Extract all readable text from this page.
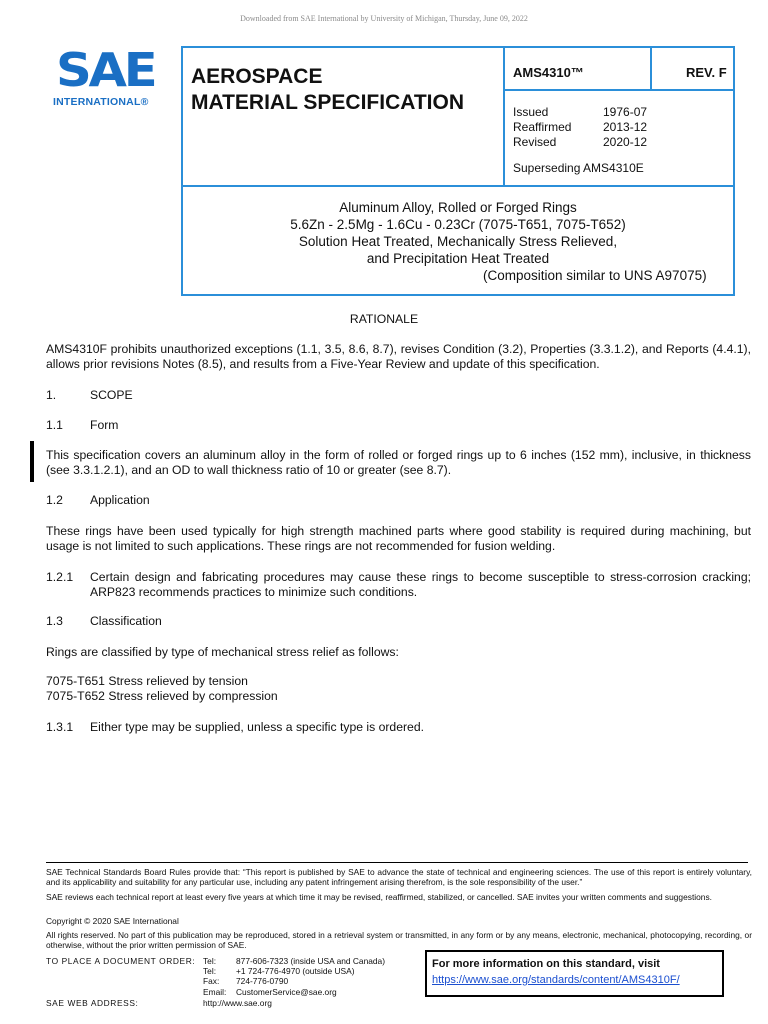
Downloaded from SAE International by University of Michigan, Thursday, June 09, 2022
SAE
INTERNATIONAL®
AEROSPACE
MATERIAL SPECIFICATION
AMS4310™	REV. F
Issued	1976-07
Reaffirmed	2013-12
Revised	2020-12
Superseding AMS4310E
Aluminum Alloy, Rolled or Forged Rings
5.6Zn - 2.5Mg - 1.6Cu - 0.23Cr (7075-T651, 7075-T652)
Solution Heat Treated, Mechanically Stress Relieved,
and Precipitation Heat Treated
(Composition similar to UNS A97075)
RATIONALE
AMS4310F prohibits unauthorized exceptions (1.1, 3.5, 8.6, 8.7), revises Condition (3.2), Properties (3.3.1.2), and Reports (4.4.1), allows prior revisions Notes (8.5), and results from a Five-Year Review and update of this specification.
1.	SCOPE
1.1	Form
This specification covers an aluminum alloy in the form of rolled or forged rings up to 6 inches (152 mm), inclusive, in thickness (see 3.3.1.2.1), and an OD to wall thickness ratio of 10 or greater (see 8.7).
1.2	Application
These rings have been used typically for high strength machined parts where good stability is required during machining, but usage is not limited to such applications. These rings are not recommended for fusion welding.
1.2.1	Certain design and fabricating procedures may cause these rings to become susceptible to stress-corrosion cracking; ARP823 recommends practices to minimize such conditions.
1.3	Classification
Rings are classified by type of mechanical stress relief as follows:
7075-T651 Stress relieved by tension
7075-T652 Stress relieved by compression
1.3.1	Either type may be supplied, unless a specific type is ordered.
SAE Technical Standards Board Rules provide that: “This report is published by SAE to advance the state of technical and engineering sciences. The use of this report is entirely voluntary, and its applicability and suitability for any particular use, including any patent infringement arising therefrom, is the sole responsibility of the user.”
SAE reviews each technical report at least every five years at which time it may be revised, reaffirmed, stabilized, or cancelled. SAE invites your written comments and suggestions.
Copyright © 2020 SAE International
All rights reserved. No part of this publication may be reproduced, stored in a retrieval system or transmitted, in any form or by any means, electronic, mechanical, photocopying, recording, or otherwise, without the prior written permission of SAE.
TO PLACE A DOCUMENT ORDER: Tel:	877-606-7323 (inside USA and Canada)
Tel:	+1 724-776-4970 (outside USA)
Fax:	724-776-0790
Email:	CustomerService@sae.org
SAE WEB ADDRESS:	http://www.sae.org
For more information on this standard, visit
https://www.sae.org/standards/content/AMS4310F/
